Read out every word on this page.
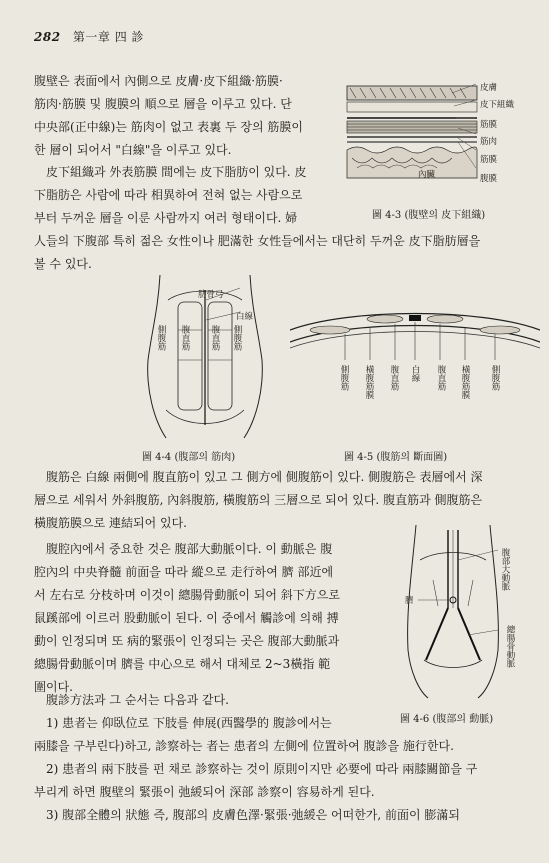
282 第一章 四 診
腹壁은 表面에서 內側으로 皮膚·皮下組織·筋膜·
筋肉·筋膜 및 腹膜의 順으로 層을 이루고 있다. 단
中央部(正中線)는 筋肉이 없고 表裏 두 장의 筋膜이
한 層이 되어서 "白線"을 이루고 있다.
皮下組織과 外表筋膜 間에는 皮下脂肪이 있다. 皮
下脂肪은 사람에 따라 相異하여 전혀 없는 사람으로
부터 두꺼운 層을 이룬 사람까지 여러 형태이다. 婦
人들의 下腹部 특히 젊은 女性이나 肥滿한 女性들에서는 대단히 두꺼운 皮下脂肪層을
볼 수 있다.
皮膚
皮下組織
筋膜
筋肉
筋膜
腹膜
內臟
圖 4-3 (腹壁의 皮下組織)
肋骨弓
白線
側腹筋 腹直筋 腹直筋 側腹筋
圖 4-4 (腹部의 筋肉)
側腹筋 橫腹筋膜 腹直筋 白線 腹直筋 橫腹筋膜 側腹筋
圖 4-5 (腹筋의 斷面圖)
腹筋은 白線 兩側에 腹直筋이 있고 그 側方에 側腹筋이 있다. 側腹筋은 表層에서 深
層으로 세워서 外斜腹筋, 內斜腹筋, 橫腹筋의 三層으로 되어 있다. 腹直筋과 側腹筋은
橫腹筋膜으로 連結되어 있다.
腹腔內에서 중요한 것은 腹部大動脈이다. 이 動脈은 腹
腔內의 中央脊髓 前面을 따라 縱으로 走行하여 臍 部近에
서 左右로 分枝하며 이것이 總腸骨動脈이 되어 斜下方으로
鼠蹊部에 이르러 股動脈이 된다. 이 중에서 觸診에 의해 搏
動이 인정되며 또 病的緊張이 인정되는 곳은 腹部大動脈과
總腸骨動脈이며 臍를 中心으로 해서 대체로 2~3橫指 範
圍이다.
腹部大動脈
臍
總腸骨動脈
圖 4-6 (腹部의 動脈)
腹診方法과 그 순서는 다음과 같다.
1) 患者는 仰臥位로 下肢를 伸展(西醫學的 腹診에서는
兩膝을 구부린다)하고, 診察하는 者는 患者의 左側에 位置하여 腹診을 施行한다.
2) 患者의 兩下肢를 펀 채로 診察하는 것이 原則이지만 必要에 따라 兩膝關節을 구
부리게 하면 腹壁의 緊張이 弛緩되어 深部 診察이 容易하게 된다.
3) 腹部全體의 狀態 즉, 腹部의 皮膚色澤·緊張·弛緩은 어떠한가, 前面이 膨滿되
